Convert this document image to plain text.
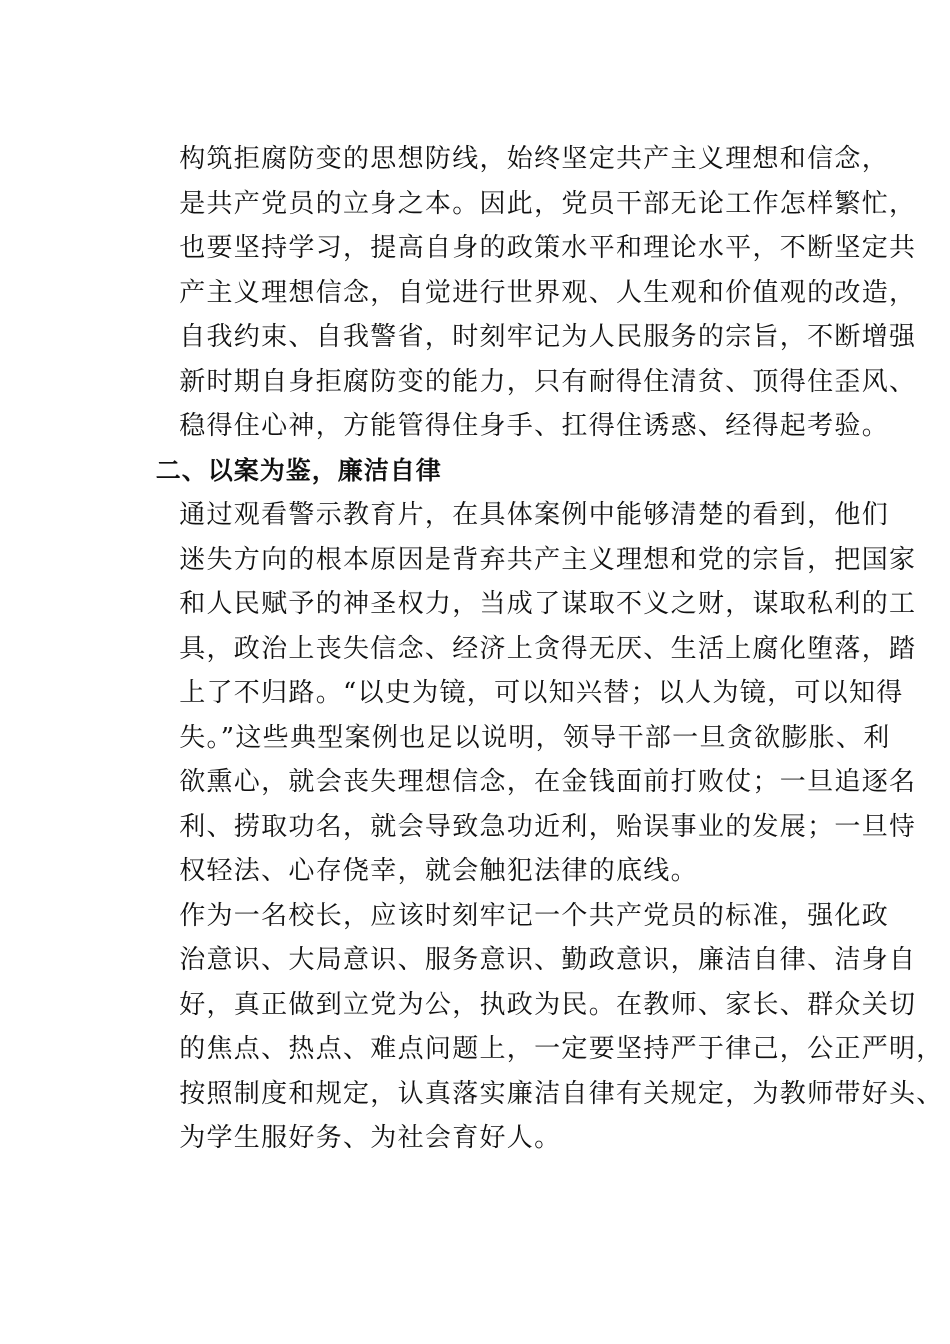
构筑拒腐防变的思想防线，始终坚定共产主义理想和信念，
是共产党员的立身之本。因此，党员干部无论工作怎样繁忙，
也要坚持学习，提高自身的政策水平和理论水平，不断坚定共
产主义理想信念，自觉进行世界观、人生观和价值观的改造，
自我约束、自我警省，时刻牢记为人民服务的宗旨，不断增强
新时期自身拒腐防变的能力，只有耐得住清贫、顶得住歪风、
稳得住心神，方能管得住身手、扛得住诱惑、经得起考验。

二、以案为鉴，廉洁自律

通过观看警示教育片，在具体案例中能够清楚的看到，他们
迷失方向的根本原因是背弃共产主义理想和党的宗旨，把国家
和人民赋予的神圣权力，当成了谋取不义之财，谋取私利的工
具，政治上丧失信念、经济上贪得无厌、生活上腐化堕落，踏
上了不归路。“以史为镜，可以知兴替；以人为镜，可以知得
失。”这些典型案例也足以说明，领导干部一旦贪欲膨胀、利
欲熏心，就会丧失理想信念，在金钱面前打败仗；一旦追逐名
利、捞取功名，就会导致急功近利，贻误事业的发展；一旦恃
权轻法、心存侥幸，就会触犯法律的底线。

作为一名校长，应该时刻牢记一个共产党员的标准，强化政
治意识、大局意识、服务意识、勤政意识，廉洁自律、洁身自
好，真正做到立党为公，执政为民。在教师、家长、群众关切
的焦点、热点、难点问题上，一定要坚持严于律己，公正严明，
按照制度和规定，认真落实廉洁自律有关规定，为教师带好头、
为学生服好务、为社会育好人。
